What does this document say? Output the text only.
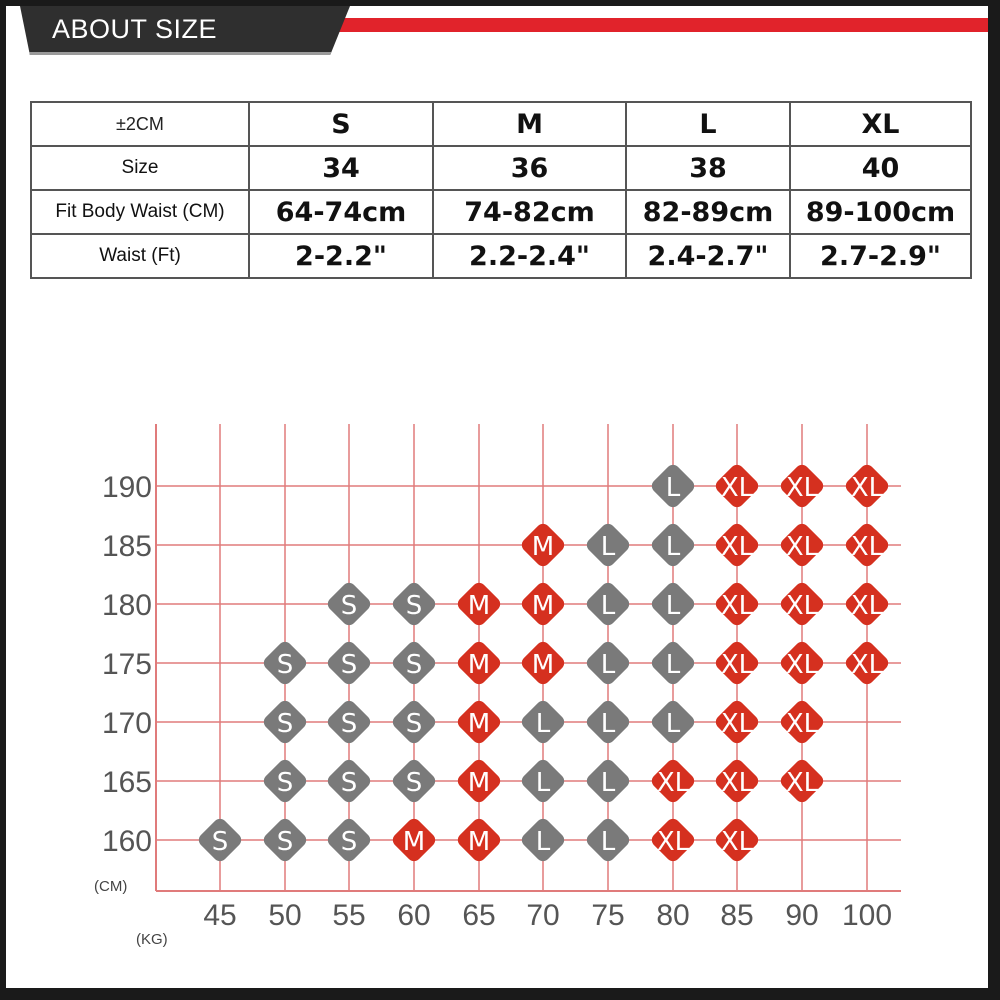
ABOUT SIZE
±2CM	S	M	L	XL
Size	34	36	38	40
Fit Body Waist (CM)	64-74cm	74-82cm	82-89cm	89-100cm
Waist (Ft)	2-2.2"	2.2-2.4"	2.4-2.7"	2.7-2.9"
190
185
180
175
170
165
160
45 50 55 60 65 70 75 80 85 90 100
L XL XL XL
M L L XL XL XL
S S M M L L XL XL XL
S S S M M L L XL XL XL
S S S M L L L XL XL
S S S M L L XL XL XL
S S S M M L L XL XL
(CM)
(KG)
